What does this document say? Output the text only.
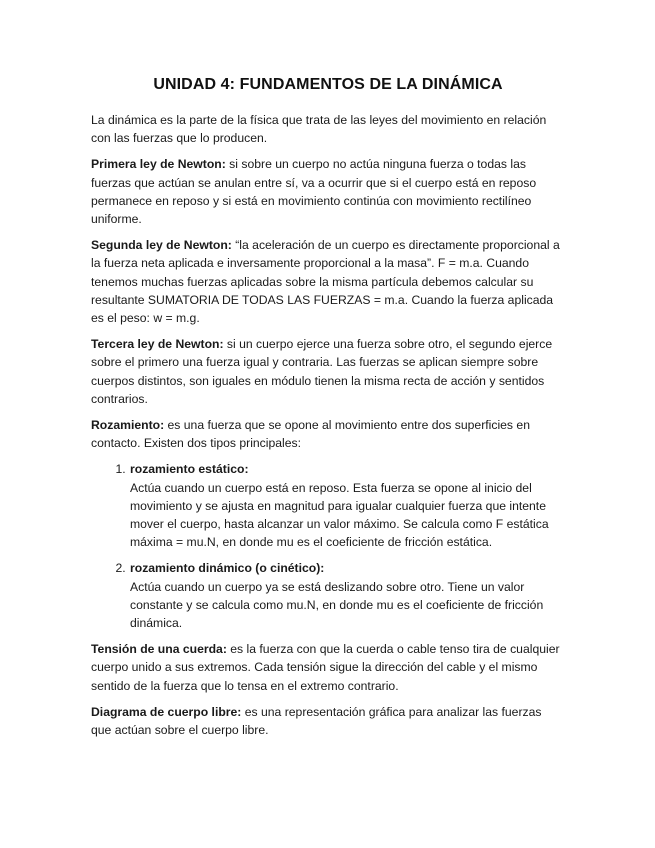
UNIDAD 4: FUNDAMENTOS DE LA DINÁMICA

La dinámica es la parte de la física que trata de las leyes del movimiento en relación con las fuerzas que lo producen.

Primera ley de Newton: si sobre un cuerpo no actúa ninguna fuerza o todas las fuerzas que actúan se anulan entre sí, va a ocurrir que si el cuerpo está en reposo permanece en reposo y si está en movimiento continúa con movimiento rectilíneo uniforme.

Segunda ley de Newton: “la aceleración de un cuerpo es directamente proporcional a la fuerza neta aplicada e inversamente proporcional a la masa”. F = m.a. Cuando tenemos muchas fuerzas aplicadas sobre la misma partícula debemos calcular su resultante SUMATORIA DE TODAS LAS FUERZAS = m.a. Cuando la fuerza aplicada es el peso: w = m.g.

Tercera ley de Newton: si un cuerpo ejerce una fuerza sobre otro, el segundo ejerce sobre el primero una fuerza igual y contraria. Las fuerzas se aplican siempre sobre cuerpos distintos, son iguales en módulo tienen la misma recta de acción y sentidos contrarios.

Rozamiento: es una fuerza que se opone al movimiento entre dos superficies en contacto. Existen dos tipos principales:

1. rozamiento estático:
Actúa cuando un cuerpo está en reposo. Esta fuerza se opone al inicio del movimiento y se ajusta en magnitud para igualar cualquier fuerza que intente mover el cuerpo, hasta alcanzar un valor máximo. Se calcula como F estática máxima = mu.N, en donde mu es el coeficiente de fricción estática.
2. rozamiento dinámico (o cinético):
Actúa cuando un cuerpo ya se está deslizando sobre otro. Tiene un valor constante y se calcula como mu.N, en donde mu es el coeficiente de fricción dinámica.

Tensión de una cuerda: es la fuerza con que la cuerda o cable tenso tira de cualquier cuerpo unido a sus extremos. Cada tensión sigue la dirección del cable y el mismo sentido de la fuerza que lo tensa en el extremo contrario.

Diagrama de cuerpo libre: es una representación gráfica para analizar las fuerzas que actúan sobre el cuerpo libre.
